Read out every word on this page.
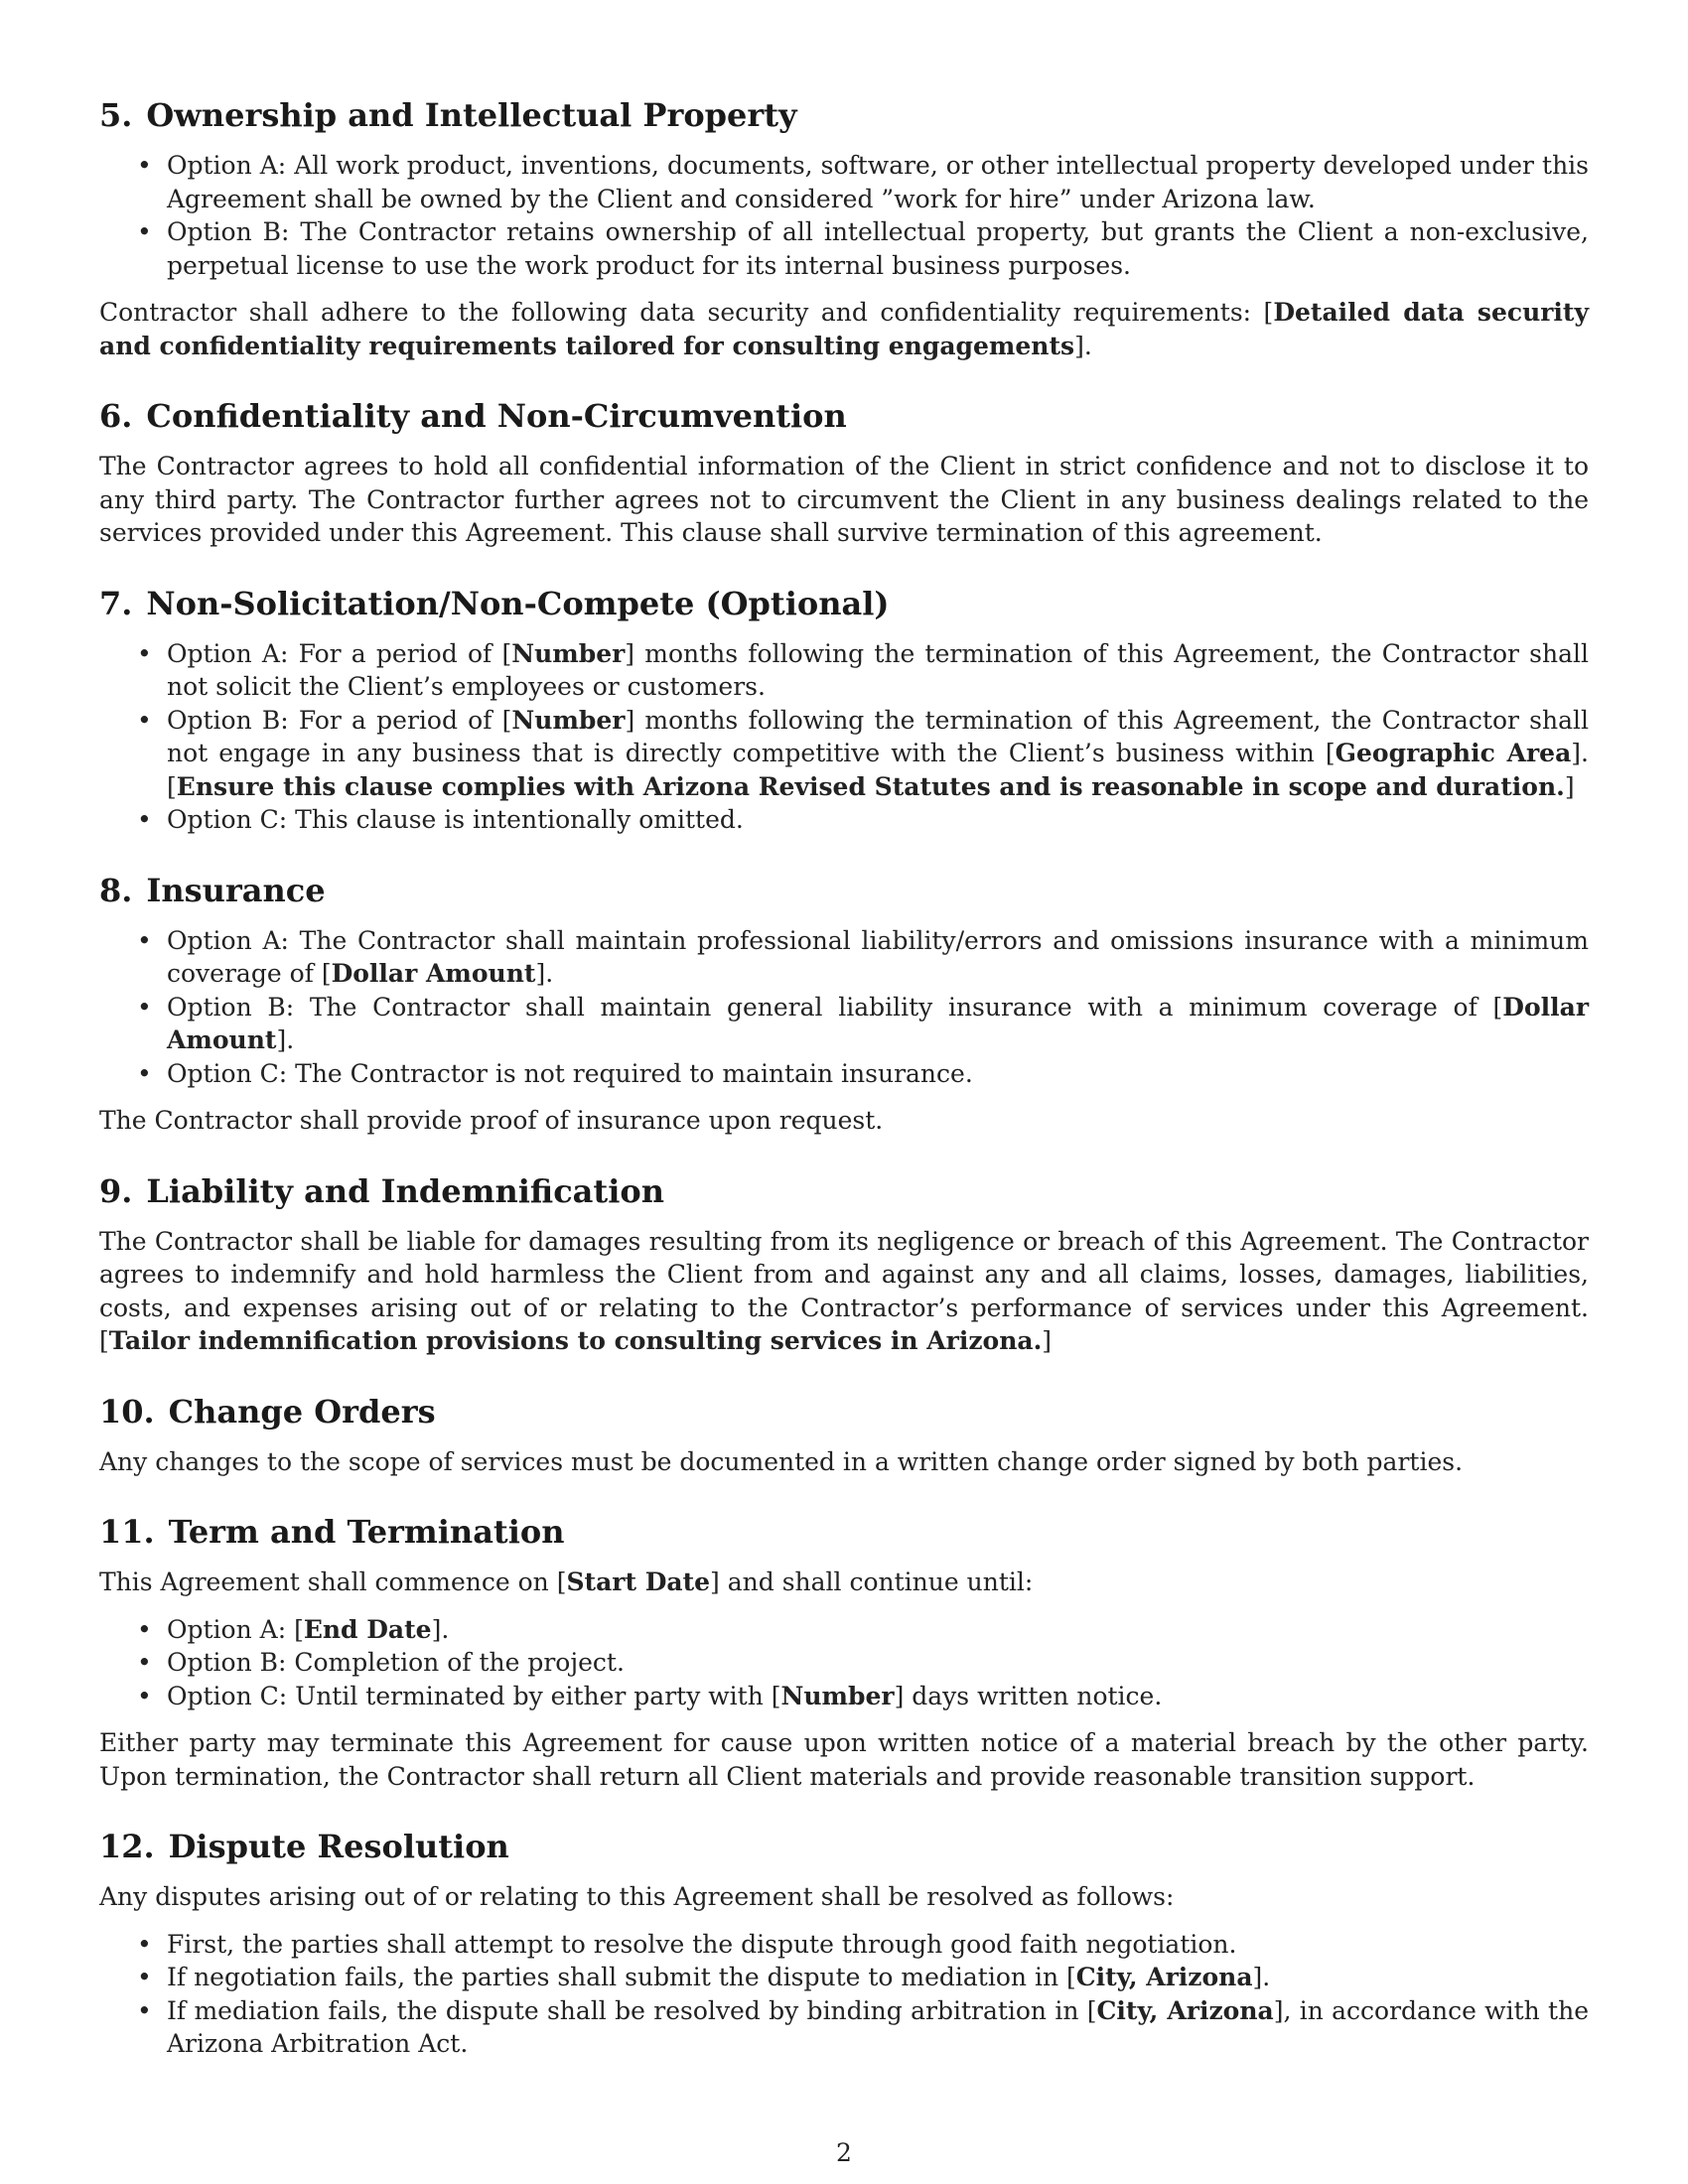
5. Ownership and Intellectual Property
• Option A: All work product, inventions, documents, software, or other intellectual property developed under this Agreement shall be owned by the Client and considered ”work for hire” under Arizona law.
• Option B: The Contractor retains ownership of all intellectual property, but grants the Client a non-exclusive, perpetual license to use the work product for its internal business purposes.

Contractor shall adhere to the following data security and confidentiality requirements: [Detailed data security and confidentiality requirements tailored for consulting engagements].

6. Confidentiality and Non-Circumvention

The Contractor agrees to hold all confidential information of the Client in strict confidence and not to disclose it to any third party. The Contractor further agrees not to circumvent the Client in any business dealings related to the services provided under this Agreement. This clause shall survive termination of this agreement.

7. Non-Solicitation/Non-Compete (Optional)
• Option A: For a period of [Number] months following the termination of this Agreement, the Contractor shall not solicit the Client’s employees or customers.
• Option B: For a period of [Number] months following the termination of this Agreement, the Contractor shall not engage in any business that is directly competitive with the Client’s business within [Geographic Area]. [Ensure this clause complies with Arizona Revised Statutes and is reasonable in scope and duration.]
• Option C: This clause is intentionally omitted.
8. Insurance
• Option A: The Contractor shall maintain professional liability/errors and omissions insurance with a minimum coverage of [Dollar Amount].
• Option B: The Contractor shall maintain general liability insurance with a minimum coverage of [Dollar Amount].
• Option C: The Contractor is not required to maintain insurance.

The Contractor shall provide proof of insurance upon request.

9. Liability and Indemnification

The Contractor shall be liable for damages resulting from its negligence or breach of this Agreement. The Contractor agrees to indemnify and hold harmless the Client from and against any and all claims, losses, damages, liabilities, costs, and expenses arising out of or relating to the Contractor’s performance of services under this Agreement. [Tailor indemnification provisions to consulting services in Arizona.]

10. Change Orders

Any changes to the scope of services must be documented in a written change order signed by both parties.

11. Term and Termination

This Agreement shall commence on [Start Date] and shall continue until:

• Option A: [End Date].
• Option B: Completion of the project.
• Option C: Until terminated by either party with [Number] days written notice.

Either party may terminate this Agreement for cause upon written notice of a material breach by the other party. Upon termination, the Contractor shall return all Client materials and provide reasonable transition support.

12. Dispute Resolution

Any disputes arising out of or relating to this Agreement shall be resolved as follows:

• First, the parties shall attempt to resolve the dispute through good faith negotiation.
• If negotiation fails, the parties shall submit the dispute to mediation in [City, Arizona].
• If mediation fails, the dispute shall be resolved by binding arbitration in [City, Arizona], in accordance with the Arizona Arbitration Act.
2
